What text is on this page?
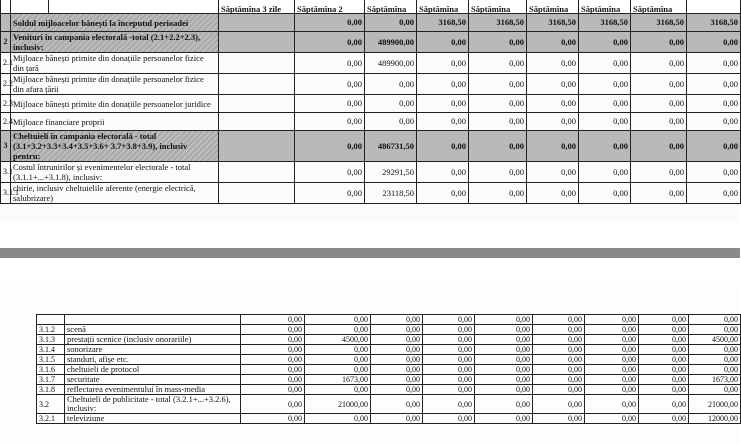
			Săptămîna 3 zile	Săptămîna 2	Săptămîna	Săptămîna	Săptămîna	Săptămîna	Săptămîna	Săptămîna		
	Soldul mijloacelor bănești la începutul perioadei			0,00	0,00	3168,50	3168,50	3168,50	3168,50	3168,50	3168,50	
2	Venituri în campania electorală -total (2.1+2.2+2.3), inclusiv:			0,00	489900,00	0,00	0,00	0,00	0,00	0,00	0,00	
2.1	Mijloace bănești primite din donațiile persoanelor fizice din țară			0,00	489900,00	0,00	0,00	0,00	0,00	0,00	0,00	
2.2	Mijloace bănești primite din donațiile persoanelor fizice din afara țării			0,00	0,00	0,00	0,00	0,00	0,00	0,00	0,00	
2.3	Mijloace bănești primite din donațiile persoanelor juridice			0,00	0,00	0,00	0,00	0,00	0,00	0,00	0,00	
2.4	Mijloace financiare proprii			0,00	0,00	0,00	0,00	0,00	0,00	0,00	0,00	
3	Cheltuieli în campania electorală - total (3.1+3.2+3.3+3.4+3.5+3.6+ 3.7+3.8+3.9), inclusiv pentru:			0,00	486731,50	0,00	0,00	0,00	0,00	0,00	0,00	
3.1	Costul întrunirilor și evenimentelor electorale - total (3.1.1+...+3.1.8), inclusiv:			0,00	29291,50	0,00	0,00	0,00	0,00	0,00	0,00	
3.1.1	chirie, inclusiv cheltuielile aferente (energie electrică, salubrizare)			0,00	23118,50	0,00	0,00	0,00	0,00	0,00	0,00	
		0,00	0,00	0,00	0,00	0,00	0,00	0,00	0,00	0,00
3.1.2	scenă	0,00	0,00	0,00	0,00	0,00	0,00	0,00	0,00	0,00
3.1.3	prestații scenice (inclusiv onorariile)	0,00	4500,00	0,00	0,00	0,00	0,00	0,00	0,00	4500,00
3.1.4	sonorizare	0,00	0,00	0,00	0,00	0,00	0,00	0,00	0,00	0,00
3.1.5	standuri, afișe etc.	0,00	0,00	0,00	0,00	0,00	0,00	0,00	0,00	0,00
3.1.6	cheltuieli de protocol	0,00	0,00	0,00	0,00	0,00	0,00	0,00	0,00	0,00
3.1.7	securitate	0,00	1673,00	0,00	0,00	0,00	0,00	0,00	0,00	1673,00
3.1.8	reflectarea evenimentului în mass-media	0,00	0,00	0,00	0,00	0,00	0,00	0,00	0,00	0,00
3.2	Cheltuieli de publicitate - total (3.2.1+...+3.2.6), inclusiv:	0,00	21000,00	0,00	0,00	0,00	0,00	0,00	0,00	21000,00
3.2.1	televiziune	0,00	0,00	0,00	0,00	0,00	0,00	0,00	0,00	12000,00
